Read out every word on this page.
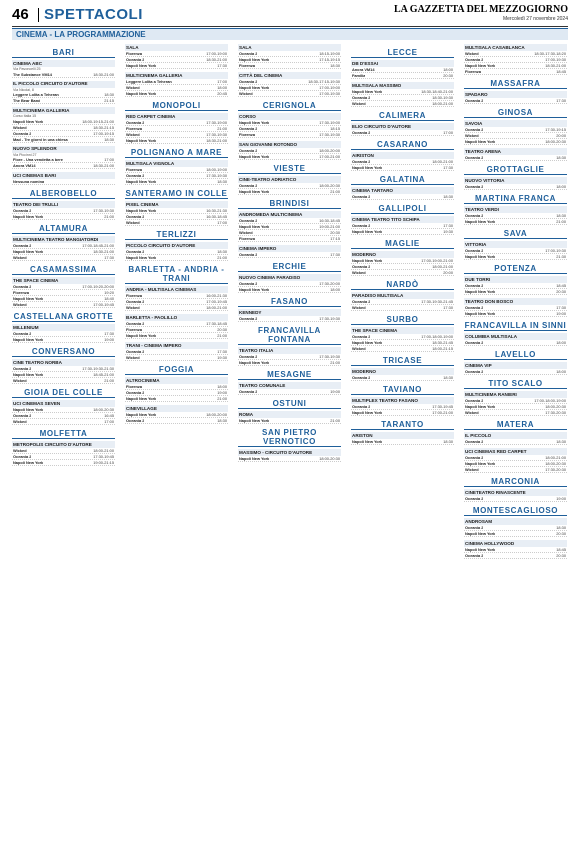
46 SPETTACOLI	LA GAZZETTA DEL MEZZOGIORNO
Mercoledì 27 novembre 2024
CINEMA - LA PROGRAMMAZIONE
BARI
CINEMA ABC
Via Pavoncelli 25
The Substance VM14	18:30-21:00
IL PICCOLO CIRCUITO D'AUTORE
Via Nicolai, 8
Leggere Lolita a Teheran	18:30
The Bear Band	21:15
MULTICINEMA GALLERIA
Corso Italia 15
Napoli New York	18:00-19:15-21:00
Wicked	18:30-21:15
Oceania 2	17:00-19:15
Mad - Tre giorni in una chiesa	18:30
NUOVO SPLENDOR
Via Piccinni 27
Fiore - Una vendetta a bere	17:00
Anora VM14	18:30-21:00
UCI CINEMAS BARI
Nessuna nomina
ALBEROBELLO
TEATRO DEI TRULLI
Oceania 2	17:30-19:30
Napoli New York	21:00
ALTAMURA
MULTICINEMA TEATRO MANGIATORDI
Oceania 2	17:00-18:45-21:00
Napoli New York	18:30-21:00
Wicked	17:30
CASAMASSIMA
THE SPACE CINEMA
Oceania 2	17:00-19:20-20:00
Fiorenza	19:20
Napoli New York	18:40
Wicked	17:00-19:45
CASTELLANA GROTTE
MILLENIUM
Oceania 2	17:30
Napoli New York	19:00
CONVERSANO
CINE TEATRO NORBA
Oceania 2	17:30-19:30-21:30
Napoli New York	18:45-21:00
Wicked	21:00
GIOIA DEL COLLE
UCI CINEMAS SEVEN
Napoli New York	18:00-20:30
Oceania 2	16:45
Wicked	17:00
MOLFETTA
METROPOLIS CIRCUITO D'AUTORE
Wicked	18:00-21:00
Oceania 2	17:30-19:45
Napoli New York	19:00-21:15
SALA
Fiorenza	17:00-19:00
Oceania 2	18:30-21:00
Napoli New York	17:30
MULTICINEMA GALLERIA
Leggere Lolita a Teheran	17:00
Wicked	18:00
Napoli New York	20:45
MONOPOLI
RED CARPET CINEMA
Oceania 2	17:30-19:00
Fiorenza	21:00
Wicked	17:30-19:30
Napoli New York	18:30-21:00
POLIGNANO A MARE
MULTISALA VIGNOLA
Fiorenza	18:00-19:00
Oceania 2	17:30-19:30
Napoli New York	18:30
SANTERAMO IN COLLE
PIXEL CINEMA
Napoli New York	16:30-21:30
Oceania 2	16:30-18:45
Wicked	17:00
TERLIZZI
PICCOLO CIRCUITO D'AUTORE
Oceania 2	18:30
Napoli New York	21:00
BARLETTA - ANDRIA - TRANI
ANDRIA - MULTISALA CINEMAS
Fiorenza	16:00-21:30
Oceania 2	17:00-19:45
Wicked	18:00-21:00
BARLETTA - PAOLILLO
Oceania 2	17:30-18:45
Fiorenza	20:30
Napoli New York	21:00
TRANI - CINEMA IMPERO
Oceania 2	17:30
Wicked	19:30
FOGGIA
ALTROCINEMA
Fiorenza	18:00
Oceania 2	19:00
Napoli New York	21:00
CINEVILLAGE
Napoli New York	18:00-20:00
Oceania 2	18:30
SALA
Oceania 2	18:15-19:00
Napoli New York	17:15-19:15
Fiorenza	18:30
CITTÀ DEL CINEMA
Oceania 2	18:30-17:15-19:30
Napoli New York	17:00-19:00
Wicked	17:00-19:30
CERIGNOLA
CORSO
Napoli New York	17:30-19:00
Oceania 2	18:15
Fiorenza	17:30-19:30
SAN GIOVANNI ROTONDO
Oceania 2	18:00-20:00
Napoli New York	17:00-21:00
VIESTE
CINE-TEATRO ADRIATICO
Oceania 2	18:00-20:30
Napoli New York	21:00
BRINDISI
ANDROMEDA MULTICINEMA
Oceania 2	16:30-18:45
Napoli New York	19:00-21:00
Wicked	20:30
Fiorenza	17:15
CINEMA IMPERO
Oceania 2	17:30
ERCHIE
NUOVO CINEMA PARADISO
Oceania 2	17:30-20:00
Napoli New York	18:00
FASANO
KENNEDY
Oceania 2	17:30-19:30
FRANCAVILLA FONTANA
TEATRO ITALIA
Oceania 2	17:30-19:30
Napoli New York	21:00
MESAGNE
TEATRO COMUNALE
Oceania 2	19:00
OSTUNI
ROMA
Napoli New York	21:00
SAN PIETRO VERNOTICO
MASSIMO - CIRCUITO D'AUTORE
Napoli New York	18:00-20:30
LECCE
DB D'ESSAI
Anora VM14	18:00
Familia	20:30
MULTISALA MASSIMO
Napoli New York	18:30-18:40-21:00
Oceania 2	18:30-19:30
Wicked	18:00-21:00
CALIMERA
ELIO CIRCUITO D'AUTORE
Oceania 2	17:00
CASARANO
AIRISTON
Oceania 2	18:00-21:00
Napoli New York	17:30
GALATINA
CINEMA TARTARO
Oceania 2	18:30
GALLIPOLI
CINEMA TEATRO TITO SCHIPA
Oceania 2	17:30
Napoli New York	19:30
MAGLIE
MODERNO
Napoli New York	17:00-19:00-21:00
Oceania 2	18:00-21:00
Wicked	20:00
NARDÒ
PARADISO MULTISALA
Oceania 2	17:30-19:30-21:45
Wicked	17:30
SURBO
THE SPACE CINEMA
Oceania 2	17:00-18:00-19:00
Napoli New York	18:30-21:45
Wicked	18:00-21:15
TRICASE
MODERNO
Oceania 2	18:30
TAVIANO
MULTIPLEX TEATRO FASANO
Oceania 2	17:30-19:45
Napoli New York	17:00-21:00
TARANTO
ARISTON
Napoli New York	18:30
MULTISALA CASABLANCA
Wicked	18:30-17:30-18:20
Oceania 2	17:00-19:30
Napoli New York	18:30-21:00
Fiorenza	18:45
MASSAFRA
SPADARO
Oceania 2	17:30
GINOSA
SAVOIA
Oceania 2	17:30-19:15
Wicked	20:00
Napoli New York	18:00-20:30
TEATRO ARENA
Oceania 2	18:30
GROTTAGLIE
NUOVO VITTORIA
Oceania 2	18:00
MARTINA FRANCA
TEATRO VERDI
Oceania 2	18:30
Napoli New York	21:00
SAVA
VITTORIA
Oceania 2	17:00-19:30
Napoli New York	21:30
POTENZA
DUE TORRI
Oceania 2	18:45
Napoli New York	20:30
TEATRO DON BOSCO
Oceania 2	17:30
Napoli New York	19:00
FRANCAVILLA IN SINNI
COLUMBIA MULTISALA
Oceania 2	18:00
LAVELLO
CINEMA VIP
Oceania 2	18:00
TITO SCALO
MULTICINEMA RANIERI
Oceania 2	17:00-18:00-19:00
Napoli New York	18:00-20:30
Wicked	17:30-20:30
MATERA
IL PICCOLO
Oceania 2	18:30
UCI CINEMAS RED CARPET
Oceania 2	18:00-21:00
Napoli New York	18:00-20:30
Wicked	17:30-20:30
MARCONIA
CINETEATRO RINASCENTE
Oceania 2	19:00
MONTESCAGLIOSO
ANDROSAM
Oceania 2	18:30
Napoli New York	20:30
CINEMA HOLLYWOOD
Napoli New York	18:45
Oceania 2	20:30
